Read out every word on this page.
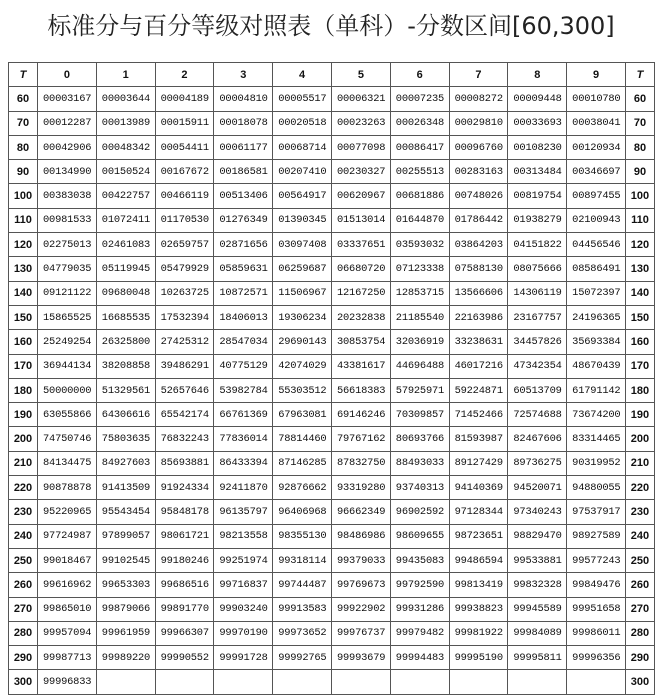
标准分与百分等级对照表（单科）-分数区间[60,300]
T	0	1	2	3	4	5	6	7	8	9	T
60	00003167	00003644	00004189	00004810	00005517	00006321	00007235	00008272	00009448	00010780	60
70	00012287	00013989	00015911	00018078	00020518	00023263	00026348	00029810	00033693	00038041	70
80	00042906	00048342	00054411	00061177	00068714	00077098	00086417	00096760	00108230	00120934	80
90	00134990	00150524	00167672	00186581	00207410	00230327	00255513	00283163	00313484	00346697	90
100	00383038	00422757	00466119	00513406	00564917	00620967	00681886	00748026	00819754	00897455	100
110	00981533	01072411	01170530	01276349	01390345	01513014	01644870	01786442	01938279	02100943	110
120	02275013	02461083	02659757	02871656	03097408	03337651	03593032	03864203	04151822	04456546	120
130	04779035	05119945	05479929	05859631	06259687	06680720	07123338	07588130	08075666	08586491	130
140	09121122	09680048	10263725	10872571	11506967	12167250	12853715	13566606	14306119	15072397	140
150	15865525	16685535	17532394	18406013	19306234	20232838	21185540	22163986	23167757	24196365	150
160	25249254	26325800	27425312	28547034	29690143	30853754	32036919	33238631	34457826	35693384	160
170	36944134	38208858	39486291	40775129	42074029	43381617	44696488	46017216	47342354	48670439	170
180	50000000	51329561	52657646	53982784	55303512	56618383	57925971	59224871	60513709	61791142	180
190	63055866	64306616	65542174	66761369	67963081	69146246	70309857	71452466	72574688	73674200	190
200	74750746	75803635	76832243	77836014	78814460	79767162	80693766	81593987	82467606	83314465	200
210	84134475	84927603	85693881	86433394	87146285	87832750	88493033	89127429	89736275	90319952	210
220	90878878	91413509	91924334	92411870	92876662	93319280	93740313	94140369	94520071	94880055	220
230	95220965	95543454	95848178	96135797	96406968	96662349	96902592	97128344	97340243	97537917	230
240	97724987	97899057	98061721	98213558	98355130	98486986	98609655	98723651	98829470	98927589	240
250	99018467	99102545	99180246	99251974	99318114	99379033	99435083	99486594	99533881	99577243	250
260	99616962	99653303	99686516	99716837	99744487	99769673	99792590	99813419	99832328	99849476	260
270	99865010	99879066	99891770	99903240	99913583	99922902	99931286	99938823	99945589	99951658	270
280	99957094	99961959	99966307	99970190	99973652	99976737	99979482	99981922	99984089	99986011	280
290	99987713	99989220	99990552	99991728	99992765	99993679	99994483	99995190	99995811	99996356	290
300	99996833										300
